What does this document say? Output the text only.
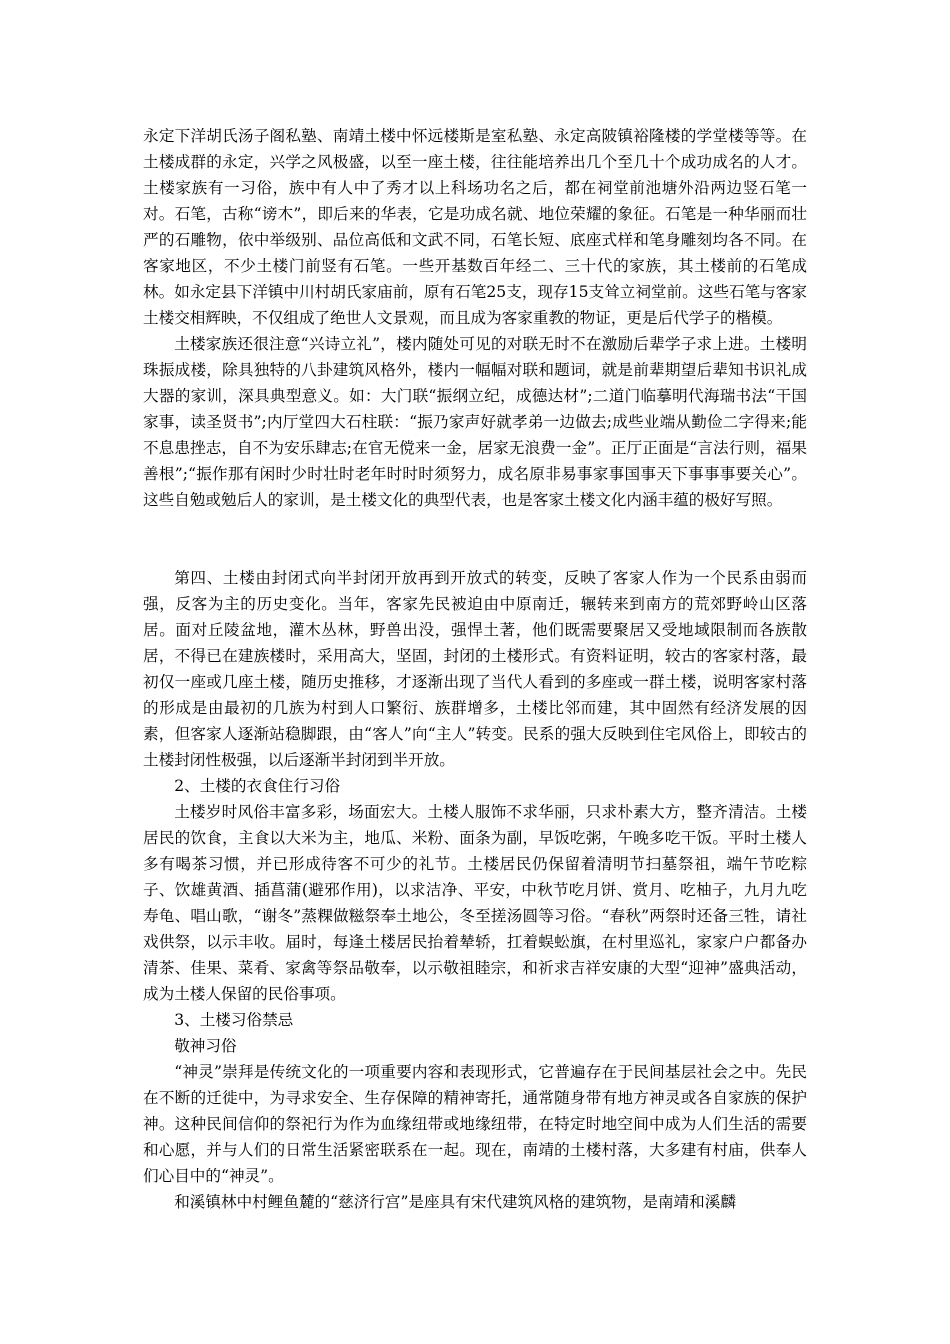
永定下洋胡氏汤子阁私塾、南靖土楼中怀远楼斯是室私塾、永定高陂镇裕隆楼的学堂楼等等。在土楼成群的永定，兴学之风极盛，以至一座土楼，往往能培养出几个至几十个成功成名的人才。土楼家族有一习俗，族中有人中了秀才以上科场功名之后，都在祠堂前池塘外沿两边竖石笔一对。石笔，古称“谤木”，即后来的华表，它是功成名就、地位荣耀的象征。石笔是一种华丽而壮严的石雕物，依中举级别、品位高低和文武不同，石笔长短、底座式样和笔身雕刻均各不同。在客家地区，不少土楼门前竖有石笔。一些开基数百年经二、三十代的家族，其土楼前的石笔成林。如永定县下洋镇中川村胡氏家庙前，原有石笔25支，现存15支耸立祠堂前。这些石笔与客家土楼交相辉映，不仅组成了绝世人文景观，而且成为客家重教的物证，更是后代学子的楷模。

土楼家族还很注意“兴诗立礼”，楼内随处可见的对联无时不在激励后辈学子求上进。土楼明珠振成楼，除具独特的八卦建筑风格外，楼内一幅幅对联和题词，就是前辈期望后辈知书识礼成大器的家训，深具典型意义。如：大门联“振纲立纪，成德达材”;二道门临摹明代海瑞书法“干国家事，读圣贤书”;内厅堂四大石柱联：“振乃家声好就孝弟一边做去;成些业端从勤俭二字得来;能不息患挫志，自不为安乐肆志;在官无傥来一金，居家无浪费一金”。正厅正面是“言法行则，福果善根”;“振作那有闲时少时壮时老年时时时须努力，成名原非易事家事国事天下事事事要关心”。这些自勉或勉后人的家训，是土楼文化的典型代表，也是客家土楼文化内涵丰蕴的极好写照。

第四、土楼由封闭式向半封闭开放再到开放式的转变，反映了客家人作为一个民系由弱而强，反客为主的历史变化。当年，客家先民被迫由中原南迁，辗转来到南方的荒郊野岭山区落居。面对丘陵盆地，灌木丛林，野兽出没，强悍土著，他们既需要聚居又受地域限制而各族散居，不得已在建族楼时，采用高大，坚固，封闭的土楼形式。有资料证明，较古的客家村落，最初仅一座或几座土楼，随历史推移，才逐渐出现了当代人看到的多座或一群土楼，说明客家村落的形成是由最初的几族为村到人口繁衍、族群增多，土楼比邻而建，其中固然有经济发展的因素，但客家人逐渐站稳脚跟，由“客人”向“主人”转变。民系的强大反映到住宅风俗上，即较古的土楼封闭性极强，以后逐渐半封闭到半开放。

2、土楼的衣食住行习俗

土楼岁时风俗丰富多彩，场面宏大。土楼人服饰不求华丽，只求朴素大方，整齐清洁。土楼居民的饮食，主食以大米为主，地瓜、米粉、面条为副，早饭吃粥，午晚多吃干饭。平时土楼人多有喝茶习惯，并已形成待客不可少的礼节。土楼居民仍保留着清明节扫墓祭祖，端午节吃粽子、饮雄黄酒、插菖蒲(避邪作用)，以求洁净、平安，中秋节吃月饼、赏月、吃柚子，九月九吃寿龟、唱山歌，“谢冬”蒸粿做糍祭奉土地公，冬至搓汤圆等习俗。“春秋”两祭时还备三牲，请社戏供祭，以示丰收。届时，每逢土楼居民抬着辇轿，扛着蜈蚣旗，在村里巡礼，家家户户都备办清茶、佳果、菜肴、家禽等祭品敬奉，以示敬祖睦宗，和祈求吉祥安康的大型“迎神”盛典活动，成为土楼人保留的民俗事项。

3、土楼习俗禁忌

敬神习俗

“神灵”崇拜是传统文化的一项重要内容和表现形式，它普遍存在于民间基层社会之中。先民在不断的迁徙中，为寻求安全、生存保障的精神寄托，通常随身带有地方神灵或各自家族的保护神。这种民间信仰的祭祀行为作为血缘纽带或地缘纽带，在特定时地空间中成为人们生活的需要和心愿，并与人们的日常生活紧密联系在一起。现在，南靖的土楼村落，大多建有村庙，供奉人们心目中的“神灵”。

和溪镇林中村鲤鱼麓的“慈济行宫”是座具有宋代建筑风格的建筑物，是南靖和溪麟
